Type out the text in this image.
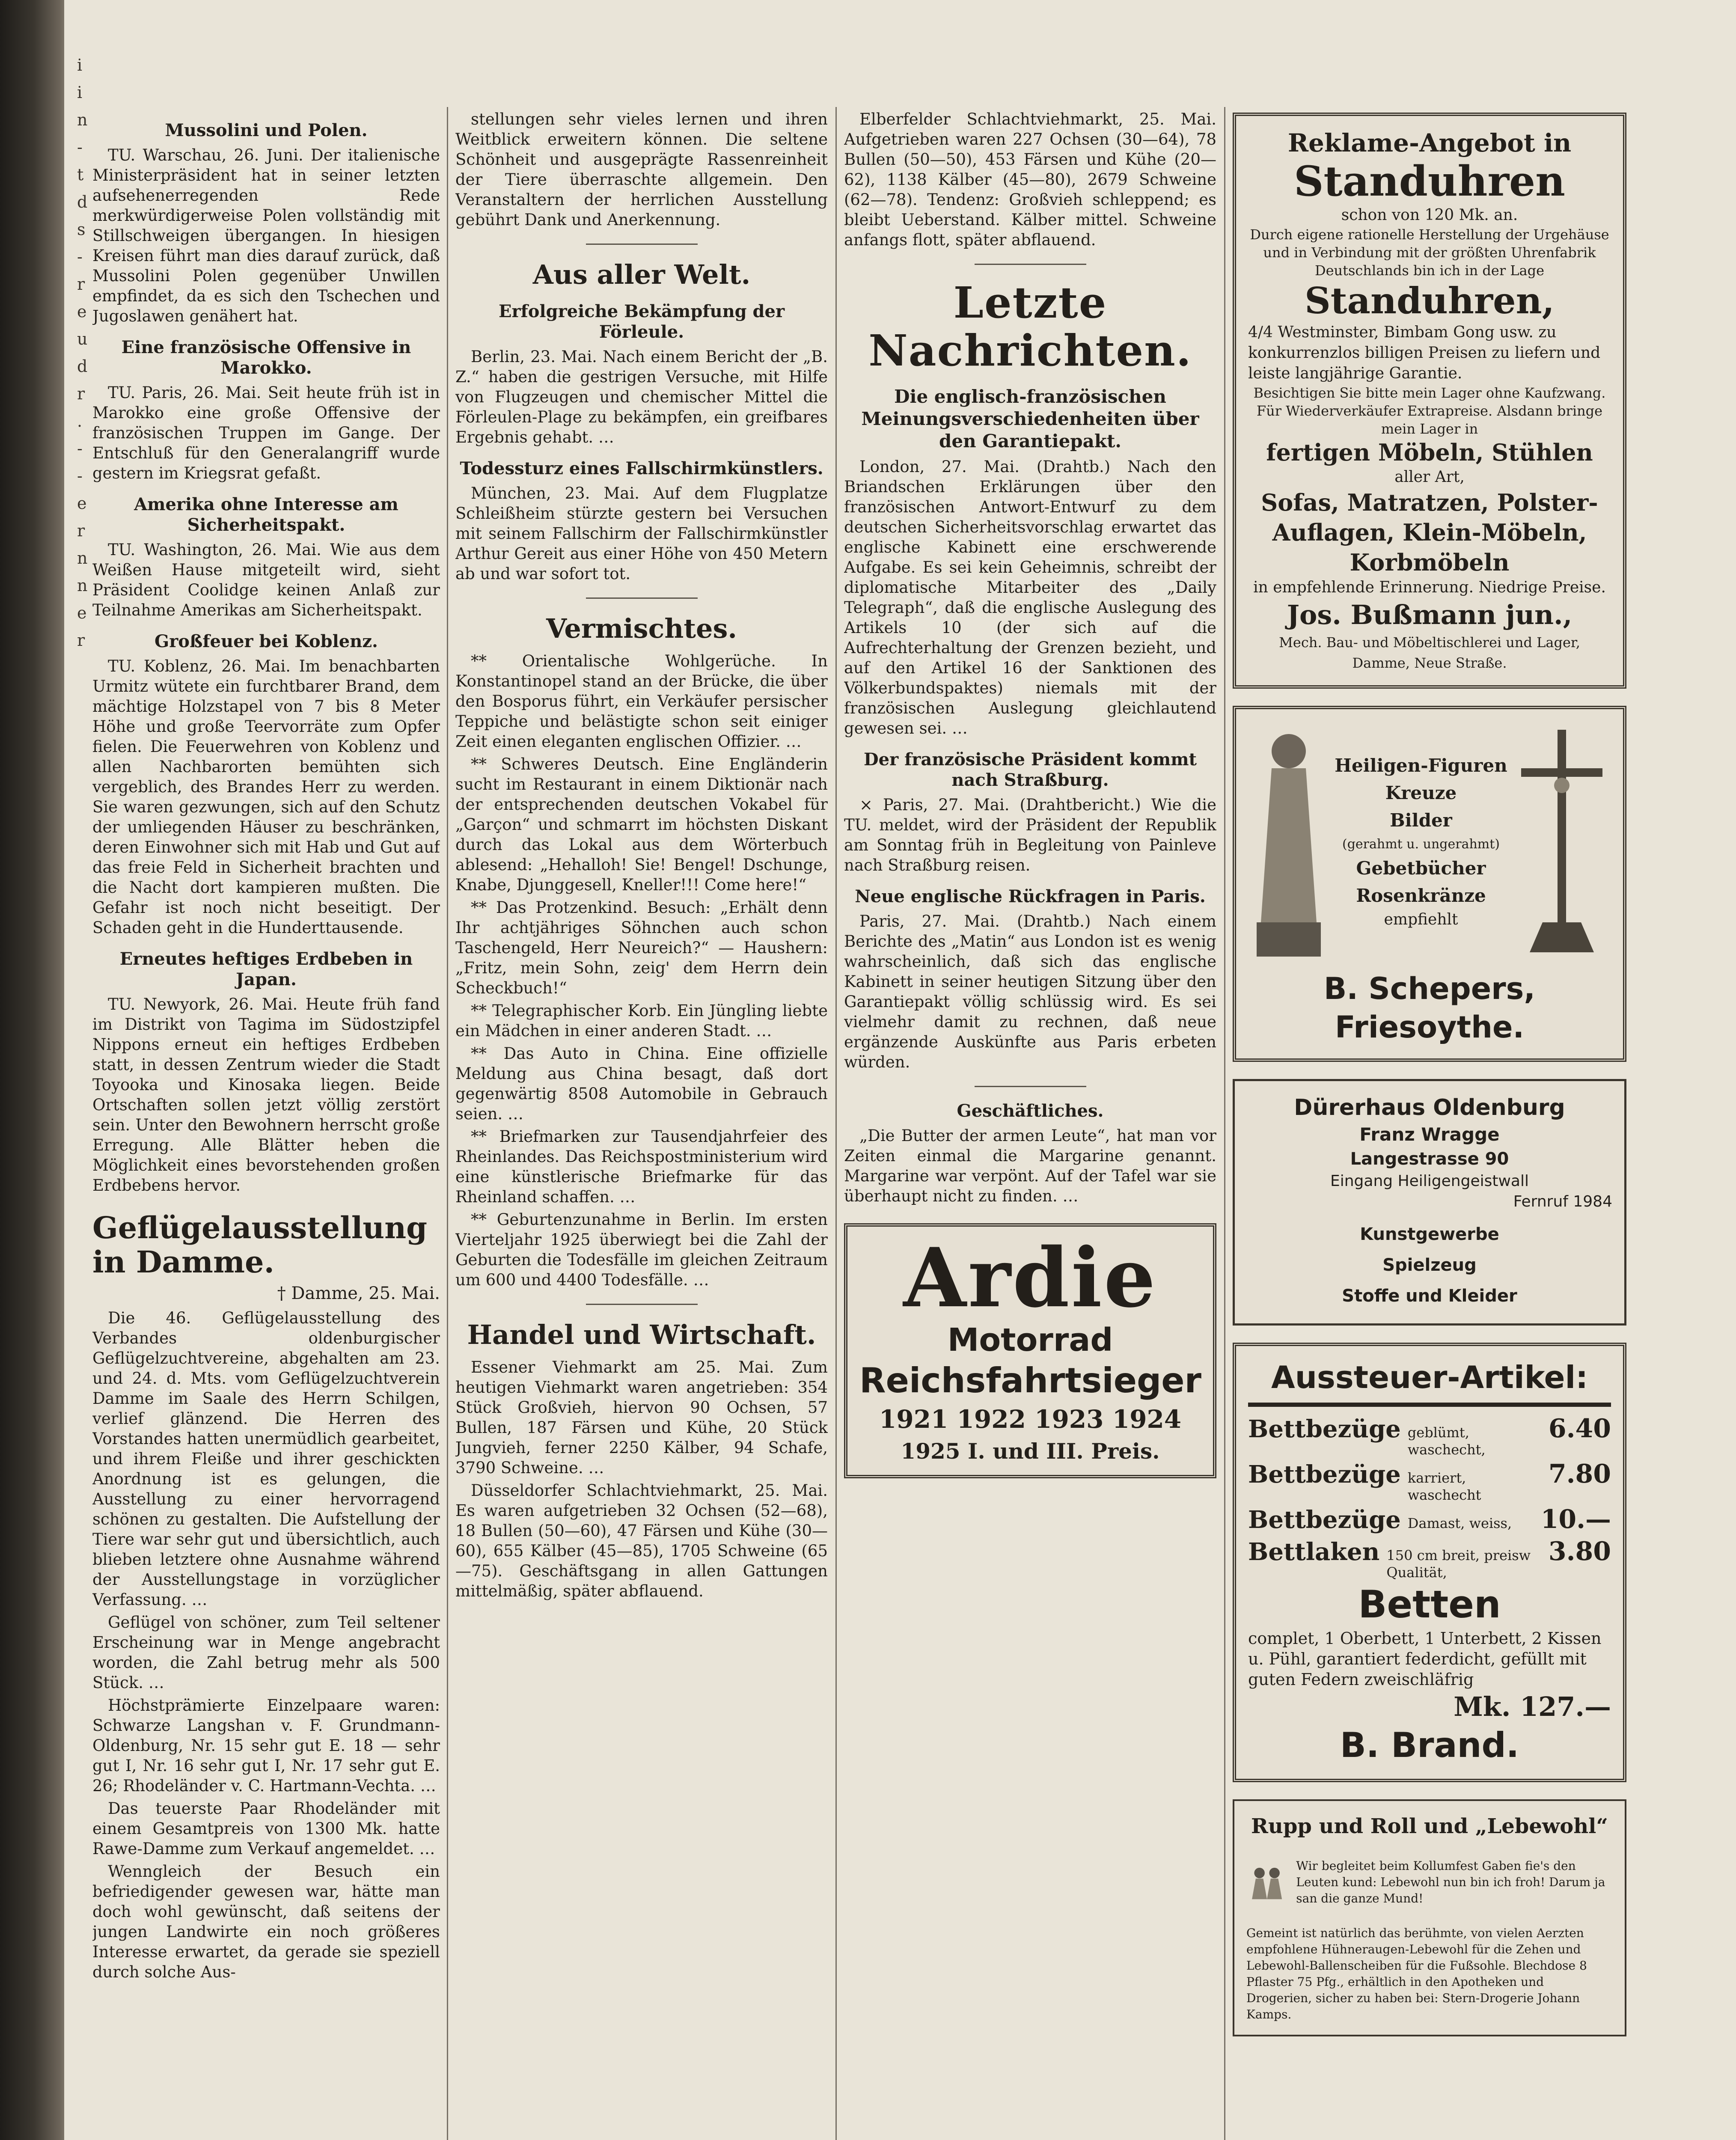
i
i
n
-
t
d
s
-
r
e
u
d
r
.
-
-
e
r
n
n
e
r
Mussolini und Polen.

TU. Warschau, 26. Juni. Der italienische Ministerpräsident hat in seiner letzten aufsehenerregenden Rede merkwürdigerweise Polen vollständig mit Stillschweigen übergangen. In hiesigen Kreisen führt man dies darauf zurück, daß Mussolini Polen gegenüber Unwillen empfindet, da es sich den Tschechen und Jugoslawen genähert hat.

Eine französische Offensive in Marokko.

TU. Paris, 26. Mai. Seit heute früh ist in Marokko eine große Offensive der französischen Truppen im Gange. Der Entschluß für den Generalangriff wurde gestern im Kriegsrat gefaßt.

Amerika ohne Interesse am Sicherheitspakt.

TU. Washington, 26. Mai. Wie aus dem Weißen Hause mitgeteilt wird, sieht Präsident Coolidge keinen Anlaß zur Teilnahme Amerikas am Sicherheitspakt.

Großfeuer bei Koblenz.

TU. Koblenz, 26. Mai. Im benachbarten Urmitz wütete ein furchtbarer Brand, dem mächtige Holzstapel von 7 bis 8 Meter Höhe und große Teervorräte zum Opfer fielen. Die Feuerwehren von Koblenz und allen Nachbarorten bemühten sich vergeblich, des Brandes Herr zu werden. Sie waren gezwungen, sich auf den Schutz der umliegenden Häuser zu beschränken, deren Einwohner sich mit Hab und Gut auf das freie Feld in Sicherheit brachten und die Nacht dort kampieren mußten. Die Gefahr ist noch nicht beseitigt. Der Schaden geht in die Hunderttausende.

Erneutes heftiges Erdbeben in Japan.

TU. Newyork, 26. Mai. Heute früh fand im Distrikt von Tagima im Südostzipfel Nippons erneut ein heftiges Erdbeben statt, in dessen Zentrum wieder die Stadt Toyooka und Kinosaka liegen. Beide Ortschaften sollen jetzt völlig zerstört sein. Unter den Bewohnern herrscht große Erregung. Alle Blätter heben die Möglichkeit eines bevorstehenden großen Erdbebens hervor.

Geflügelausstellung in Damme.
† Damme, 25. Mai.

Die 46. Geflügelausstellung des Verbandes oldenburgischer Geflügelzuchtvereine, abgehalten am 23. und 24. d. Mts. vom Geflügelzuchtverein Damme im Saale des Herrn Schilgen, verlief glänzend. Die Herren des Vorstandes hatten unermüdlich gearbeitet, und ihrem Fleiße und ihrer geschickten Anordnung ist es gelungen, die Ausstellung zu einer hervorragend schönen zu gestalten. Die Aufstellung der Tiere war sehr gut und übersichtlich, auch blieben letztere ohne Ausnahme während der Ausstellungstage in vorzüglicher Verfassung. …

Geflügel von schöner, zum Teil seltener Erscheinung war in Menge angebracht worden, die Zahl betrug mehr als 500 Stück. …

Höchstprämierte Einzelpaare waren: Schwarze Langshan v. F. Grundmann-Oldenburg, Nr. 15 sehr gut E. 18 — sehr gut I, Nr. 16 sehr gut I, Nr. 17 sehr gut E. 26; Rhodeländer v. C. Hartmann-Vechta. …

Das teuerste Paar Rhodeländer mit einem Gesamtpreis von 1300 Mk. hatte Rawe-Damme zum Verkauf angemeldet. …

Wenngleich der Besuch ein befriedigender gewesen war, hätte man doch wohl gewünscht, daß seitens der jungen Landwirte ein noch größeres Interesse erwartet, da gerade sie speziell durch solche Aus-

stellungen sehr vieles lernen und ihren Weitblick erweitern können. Die seltene Schönheit und ausgeprägte Rassenreinheit der Tiere überraschte allgemein. Den Veranstaltern der herrlichen Ausstellung gebührt Dank und Anerkennung.

Aus aller Welt.
Erfolgreiche Bekämpfung der Förleule.

Berlin, 23. Mai. Nach einem Bericht der „B. Z.“ haben die gestrigen Versuche, mit Hilfe von Flugzeugen und chemischer Mittel die Förleulen-Plage zu bekämpfen, ein greifbares Ergebnis gehabt. …

Todessturz eines Fallschirmkünstlers.

München, 23. Mai. Auf dem Flugplatze Schleißheim stürzte gestern bei Versuchen mit seinem Fallschirm der Fallschirmkünstler Arthur Gereit aus einer Höhe von 450 Metern ab und war sofort tot.

Vermischtes.

** Orientalische Wohlgerüche. In Konstantinopel stand an der Brücke, die über den Bosporus führt, ein Verkäufer persischer Teppiche und belästigte schon seit einiger Zeit einen eleganten englischen Offizier. …

** Schweres Deutsch. Eine Engländerin sucht im Restaurant in einem Diktionär nach der entsprechenden deutschen Vokabel für „Garçon“ und schmarrt im höchsten Diskant durch das Lokal aus dem Wörterbuch ablesend: „Hehalloh! Sie! Bengel! Dschunge, Knabe, Djunggesell, Kneller!!! Come here!“

** Das Protzenkind. Besuch: „Erhält denn Ihr achtjähriges Söhnchen auch schon Taschengeld, Herr Neureich?“ — Haushern: „Fritz, mein Sohn, zeig' dem Herrn dein Scheckbuch!“

** Telegraphischer Korb. Ein Jüngling liebte ein Mädchen in einer anderen Stadt. …

** Das Auto in China. Eine offizielle Meldung aus China besagt, daß dort gegenwärtig 8508 Automobile in Gebrauch seien. …

** Briefmarken zur Tausendjahrfeier des Rheinlandes. Das Reichspostministerium wird eine künstlerische Briefmarke für das Rheinland schaffen. …

** Geburtenzunahme in Berlin. Im ersten Vierteljahr 1925 überwiegt bei die Zahl der Geburten die Todesfälle im gleichen Zeitraum um 600 und 4400 Todesfälle. …

Handel und Wirtschaft.

Essener Viehmarkt am 25. Mai. Zum heutigen Viehmarkt waren angetrieben: 354 Stück Großvieh, hiervon 90 Ochsen, 57 Bullen, 187 Färsen und Kühe, 20 Stück Jungvieh, ferner 2250 Kälber, 94 Schafe, 3790 Schweine. …

Düsseldorfer Schlachtviehmarkt, 25. Mai. Es waren aufgetrieben 32 Ochsen (52—68), 18 Bullen (50—60), 47 Färsen und Kühe (30—60), 655 Kälber (45—85), 1705 Schweine (65—75). Geschäftsgang in allen Gattungen mittelmäßig, später abflauend.

Elberfelder Schlachtviehmarkt, 25. Mai. Aufgetrieben waren 227 Ochsen (30—64), 78 Bullen (50—50), 453 Färsen und Kühe (20—62), 1138 Kälber (45—80), 2679 Schweine (62—78). Tendenz: Großvieh schleppend; es bleibt Ueberstand. Kälber mittel. Schweine anfangs flott, später abflauend.

Letzte Nachrichten.
Die englisch-französischen Meinungsverschiedenheiten über den Garantiepakt.

London, 27. Mai. (Drahtb.) Nach den Briandschen Erklärungen über den französischen Antwort-Entwurf zu dem deutschen Sicherheitsvorschlag erwartet das englische Kabinett eine erschwerende Aufgabe. Es sei kein Geheimnis, schreibt der diplomatische Mitarbeiter des „Daily Telegraph“, daß die englische Auslegung des Artikels 10 (der sich auf die Aufrechterhaltung der Grenzen bezieht, und auf den Artikel 16 der Sanktionen des Völkerbundspaktes) niemals mit der französischen Auslegung gleichlautend gewesen sei. …

Der französische Präsident kommt nach Straßburg.

× Paris, 27. Mai. (Drahtbericht.) Wie die TU. meldet, wird der Präsident der Republik am Sonntag früh in Begleitung von Painleve nach Straßburg reisen.

Neue englische Rückfragen in Paris.

Paris, 27. Mai. (Drahtb.) Nach einem Berichte des „Matin“ aus London ist es wenig wahrscheinlich, daß sich das englische Kabinett in seiner heutigen Sitzung über den Garantiepakt völlig schlüssig wird. Es sei vielmehr damit zu rechnen, daß neue ergänzende Auskünfte aus Paris erbeten würden.

Geschäftliches.

„Die Butter der armen Leute“, hat man vor Zeiten einmal die Margarine genannt. Margarine war verpönt. Auf der Tafel war sie überhaupt nicht zu finden. …

Ardie
Motorrad
Reichsfahrtsieger
1921 1922 1923 1924
1925 I. und III. Preis.
Reklame-Angebot in
Standuhren
schon von 120 Mk. an.
Durch eigene rationelle Herstellung der Urgehäuse und in Verbindung mit der größten Uhrenfabrik Deutschlands bin ich in der Lage
Standuhren,
4/4 Westminster, Bimbam Gong usw. zu konkurrenzlos billigen Preisen zu liefern und leiste langjährige Garantie.
Besichtigen Sie bitte mein Lager ohne Kaufzwang. Für Wiederverkäufer Extrapreise. Alsdann bringe mein Lager in
fertigen Möbeln, Stühlen
aller Art,
Sofas, Matratzen, Polster-Auflagen, Klein-Möbeln, Korbmöbeln
in empfehlende Erinnerung. Niedrige Preise.
Jos. Bußmann jun.,
Mech. Bau- und Möbeltischlerei und Lager,
Damme, Neue Straße.
Heiligen-Figuren
Kreuze
Bilder
(gerahmt u. ungerahmt)
Gebetbücher
Rosenkränze
empfiehlt
B. Schepers, Friesoythe.
Dürerhaus Oldenburg
Franz Wragge
Langestrasse 90
Eingang Heiligengeistwall
Fernruf 1984
Kunstgewerbe
Spielzeug
Stoffe und Kleider
Aussteuer-Artikel:
Bettbezüge geblümt, waschecht,
6.40
Bettbezüge karriert, waschecht
7.80
Bettbezüge Damast, weiss,	10.—
Bettlaken 150 cm breit, preisw Qualität,
3.80
Betten
complet, 1 Oberbett, 1 Unterbett, 2 Kissen u. Pühl, garantiert federdicht, gefüllt mit guten Federn zweischläfrig
Mk. 127.—
B. Brand.
Rupp und Roll und „Lebewohl“
Wir begleitet beim Kollumfest Gaben fie's den Leuten kund: Lebewohl nun bin ich froh! Darum ja san die ganze Mund!
Gemeint ist natürlich das berühmte, von vielen Aerzten empfohlene Hühneraugen-Lebewohl für die Zehen und Lebewohl-Ballenscheiben für die Fußsohle. Blechdose 8 Pflaster 75 Pfg., erhältlich in den Apotheken und Drogerien, sicher zu haben bei: Stern-Drogerie Johann Kamps.
